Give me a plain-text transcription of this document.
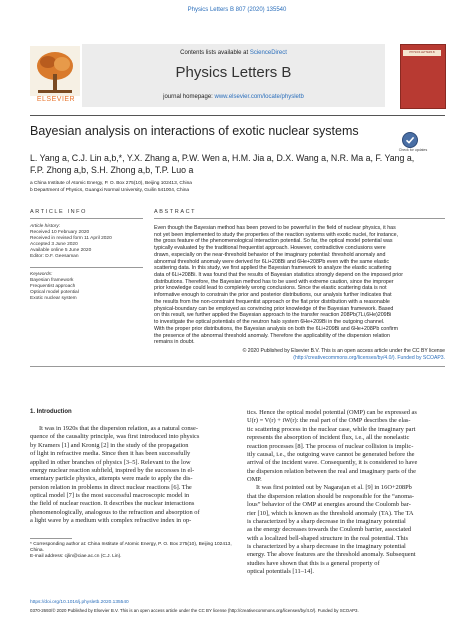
Physics Letters B 807 (2020) 135540
ELSEVIER
Contents lists available at ScienceDirect
Physics Letters B
journal homepage: www.elsevier.com/locate/physletb
PHYSICS LETTERS B
Bayesian analysis on interactions of exotic nuclear systems
Check for updates
L. Yang a, C.J. Lin a,b,*, Y.X. Zhang a, P.W. Wen a, H.M. Jia a, D.X. Wang a, N.R. Ma a, F. Yang a,
F.P. Zhong a,b, S.H. Zhong a,b, T.P. Luo a
a China Institute of Atomic Energy, P. O. Box 275(10), Beijing 102413, China
b Department of Physics, Guangxi Normal University, Guilin 541004, China
ARTICLE INFO
Article history:
Received 10 February 2020
Received in revised form 11 April 2020
Accepted 3 June 2020
Available online 5 June 2020
Editor: D.F. Geesaman
Keywords:
Bayesian framework
Frequentist approach
Optical model potential
Exotic nuclear system
ABSTRACT
Even though the Bayesian method has been proved to be powerful in the field of nuclear physics, it has
not yet been implemented to study the properties of the reaction systems with exotic nuclei, for instance,
the gross feature of the phenomenological interaction potential. So far, the optical model potential was
typically evaluated by the traditional frequentist approach. However, contradictive conclusions were
drawn, especially on the near-threshold behavior of the imaginary potential: threshold anomaly and
abnormal threshold anomaly were derived for 6Li+208Bi and 6He+208Pb even with the same elastic
scattering data. In this study, we first applied the Bayesian framework to analyze the elastic scattering
data of 6Li+208Bi. It was found that the results of Bayesian statistics strongly depend on the imposed prior
distributions. Therefore, the Bayesian method has to be used with extreme caution, since the improper
prior knowledge could lead to completely wrong conclusions. Since the elastic scattering data is not
informative enough to constrain the prior and posterior distributions, our analysis further indicates that
the results from the non-constraint frequentist approach or the flat prior distribution with a reasonable
physical-boundary can be employed as convincing prior knowledge of the Bayesian framework. Based
on this result, we further applied the Bayesian approach to the transfer reaction 208Pb(7Li,6He)209Bi
to investigate the optical potentials of the neutron halo system 6He+209Bi in the outgoing channel.
With the proper prior distributions, the Bayesian analysis on both the 6Li+209Bi and 6He+208Pb confirm
the presence of the abnormal threshold anomaly. Therefore the applicability of the dispersion relation
remains in doubt.
© 2020 Published by Elsevier B.V. This is an open access article under the CC BY license
(http://creativecommons.org/licenses/by/4.0/). Funded by SCOAP3.
1. Introduction
It was in 1920s that the dispersion relation, as a natural conse-
quence of the causality principle, was first introduced into physics
by Kramers [1] and Kronig [2] in the study of the propagation
of light in refractive media. Since then it has been successfully
applied in other branches of physics [3–5]. Relevant to the low
energy nuclear reaction subfield, inspired by the successes in el-
ementary particle physics, attempts were made to apply the dis-
persion relation in problems in direct nuclear reactions [6]. The
optical model [7] is the most successful macroscopic model in
the field of nuclear reaction. It describes the nuclear interactions
phenomenologically, analogous to the refraction and absorption of
a light wave by a medium with complex refractive index in op-
* Corresponding author at: China Institute of Atomic Energy, P. O. Box 275(10), Beijing 102413, China.
E-mail address: cjlin@ciae.ac.cn (C.J. Lin).
tics. Hence the optical model potential (OMP) can be expressed as
U(r) = V(r) + iW(r): the real part of the OMP describes the elas-
tic scattering process in the nuclear case, while the imaginary part
represents the absorption of incident flux, i.e., all the nonelastic
reaction processes [8]. The process of nuclear collision is implic-
itly causal, i.e., the outgoing wave cannot be generated before the
arrival of the incident wave. Consequently, it is considered to have
the dispersion relation between the real and imaginary parts of the
OMP.
It was first pointed out by Nagarajan et al. [9] in 16O+208Pb
that the dispersion relation should be responsible for the “anoma-
lous” behavior of the OMP at energies around the Coulomb bar-
rier [10], which is known as the threshold anomaly (TA). The TA
is characterized by a sharp decrease in the imaginary potential
as the energy decreases towards the Coulomb barrier, associated
with a localized bell-shaped structure in the real potential. This
is characterized by a sharp decrease in the imaginary potential
energy. The above features are the threshold anomaly. Subsequent
studies have shown that this is a general property of
optical potentials [11–14].
https://doi.org/10.1016/j.physletb.2020.135540
0370-2693/© 2020 Published by Elsevier B.V. This is an open access article under the CC BY license (http://creativecommons.org/licenses/by/4.0/). Funded by SCOAP3.
